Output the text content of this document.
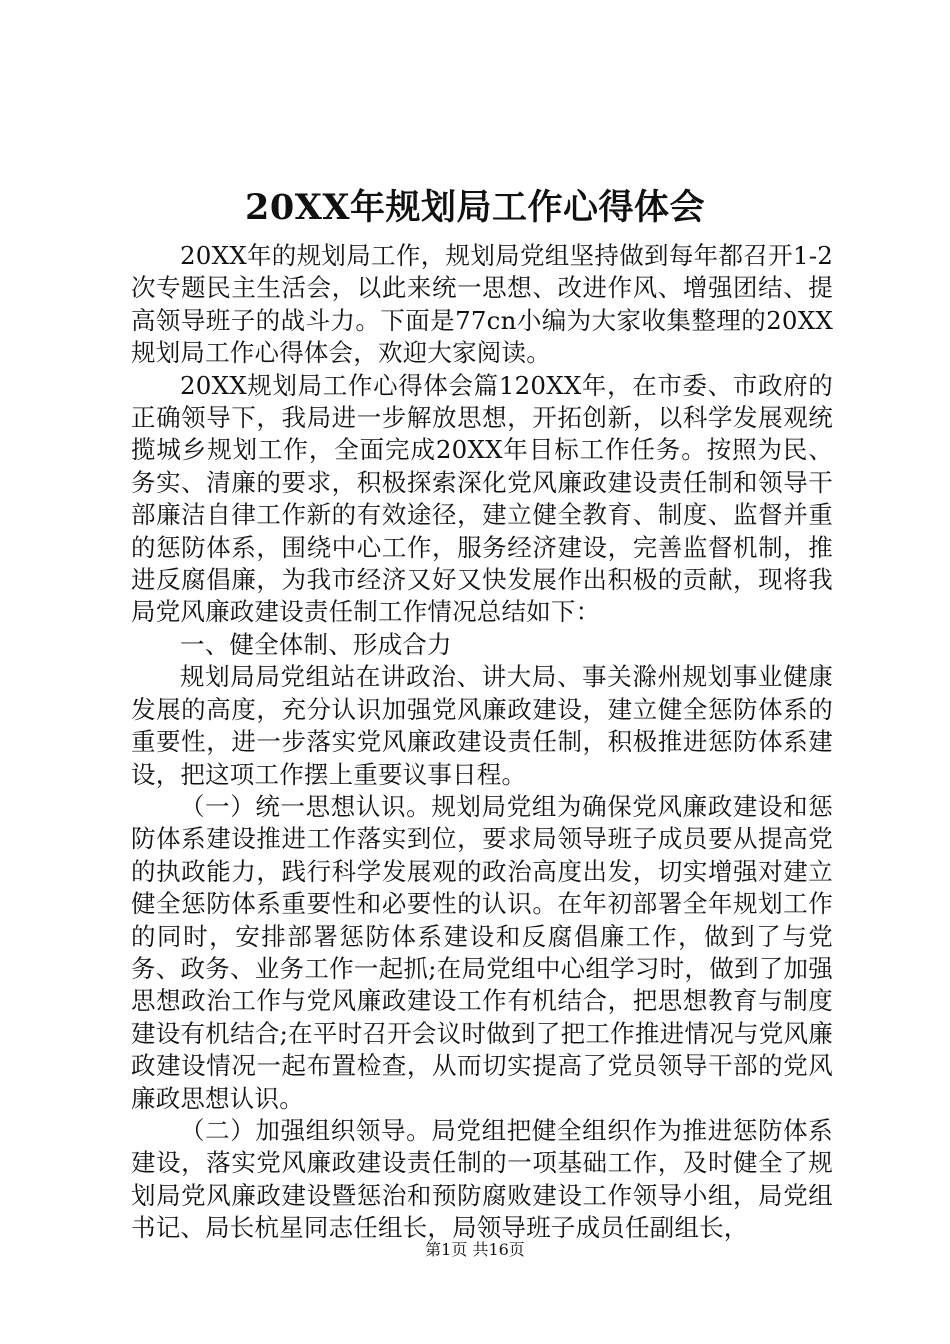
20XX年规划局工作心得体会

20XX年的规划局工作，规划局党组坚持做到每年都召开1-2次专题民主生活会，以此来统一思想、改进作风、增强团结、提高领导班子的战斗力。下面是77cn小编为大家收集整理的20XX规划局工作心得体会，欢迎大家阅读。

20XX规划局工作心得体会篇120XX年，在市委、市政府的正确领导下，我局进一步解放思想，开拓创新，以科学发展观统揽城乡规划工作，全面完成20XX年目标工作任务。按照为民、务实、清廉的要求，积极探索深化党风廉政建设责任制和领导干部廉洁自律工作新的有效途径，建立健全教育、制度、监督并重的惩防体系，围绕中心工作，服务经济建设，完善监督机制，推进反腐倡廉，为我市经济又好又快发展作出积极的贡献，现将我局党风廉政建设责任制工作情况总结如下：

一、健全体制、形成合力

规划局局党组站在讲政治、讲大局、事关滁州规划事业健康发展的高度，充分认识加强党风廉政建设，建立健全惩防体系的重要性，进一步落实党风廉政建设责任制，积极推进惩防体系建设，把这项工作摆上重要议事日程。

（一）统一思想认识。规划局党组为确保党风廉政建设和惩防体系建设推进工作落实到位，要求局领导班子成员要从提高党的执政能力，践行科学发展观的政治高度出发，切实增强对建立健全惩防体系重要性和必要性的认识。在年初部署全年规划工作的同时，安排部署惩防体系建设和反腐倡廉工作，做到了与党务、政务、业务工作一起抓;在局党组中心组学习时，做到了加强思想政治工作与党风廉政建设工作有机结合，把思想教育与制度建设有机结合;在平时召开会议时做到了把工作推进情况与党风廉政建设情况一起布置检查，从而切实提高了党员领导干部的党风廉政思想认识。

（二）加强组织领导。局党组把健全组织作为推进惩防体系建设，落实党风廉政建设责任制的一项基础工作，及时健全了规划局党风廉政建设暨惩治和预防腐败建设工作领导小组，局党组书记、局长杭星同志任组长，局领导班子成员任副组长，

第1页 共16页
